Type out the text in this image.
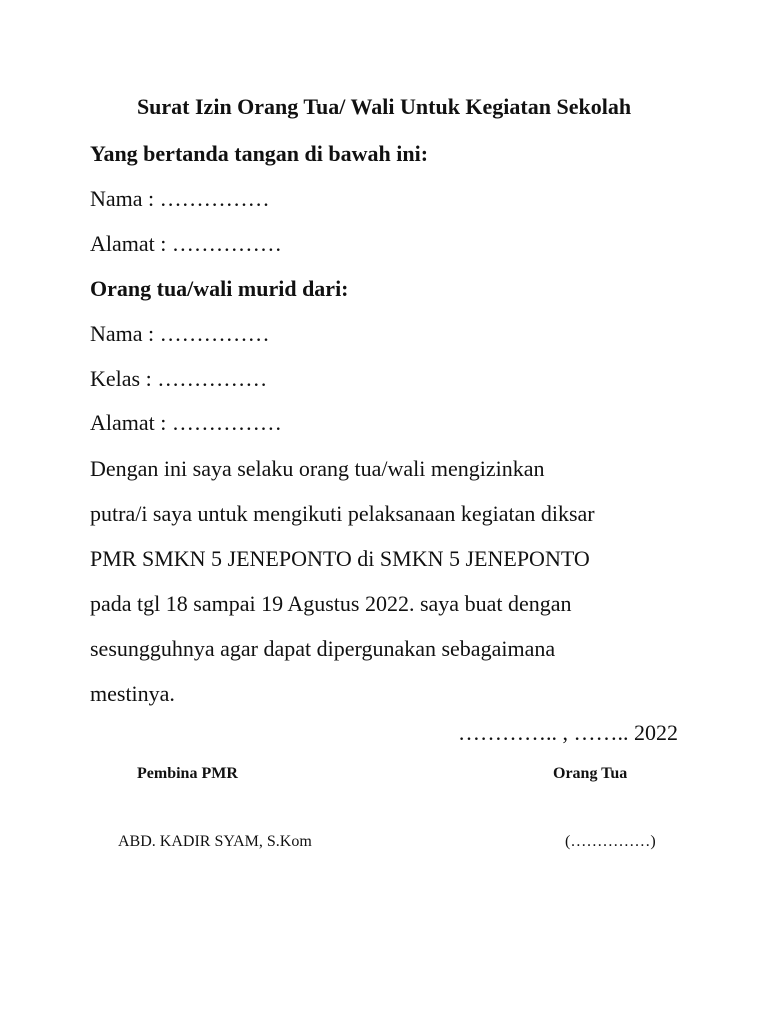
Surat Izin Orang Tua/ Wali Untuk Kegiatan Sekolah
Yang bertanda tangan di bawah ini:
Nama : ……………
Alamat : ……………
Orang tua/wali murid dari:
Nama : ……………
Kelas : ……………
Alamat : ……………
Dengan ini saya selaku orang tua/wali mengizinkan
putra/i saya untuk mengikuti pelaksanaan kegiatan diksar
PMR SMKN 5 JENEPONTO di SMKN 5 JENEPONTO
pada tgl 18 sampai 19 Agustus 2022. saya buat dengan
sesungguhnya agar dapat dipergunakan sebagaimana
mestinya.
………….. , …….. 2022
Pembina PMR	Orang Tua
ABD. KADIR SYAM, S.Kom	(……………)
